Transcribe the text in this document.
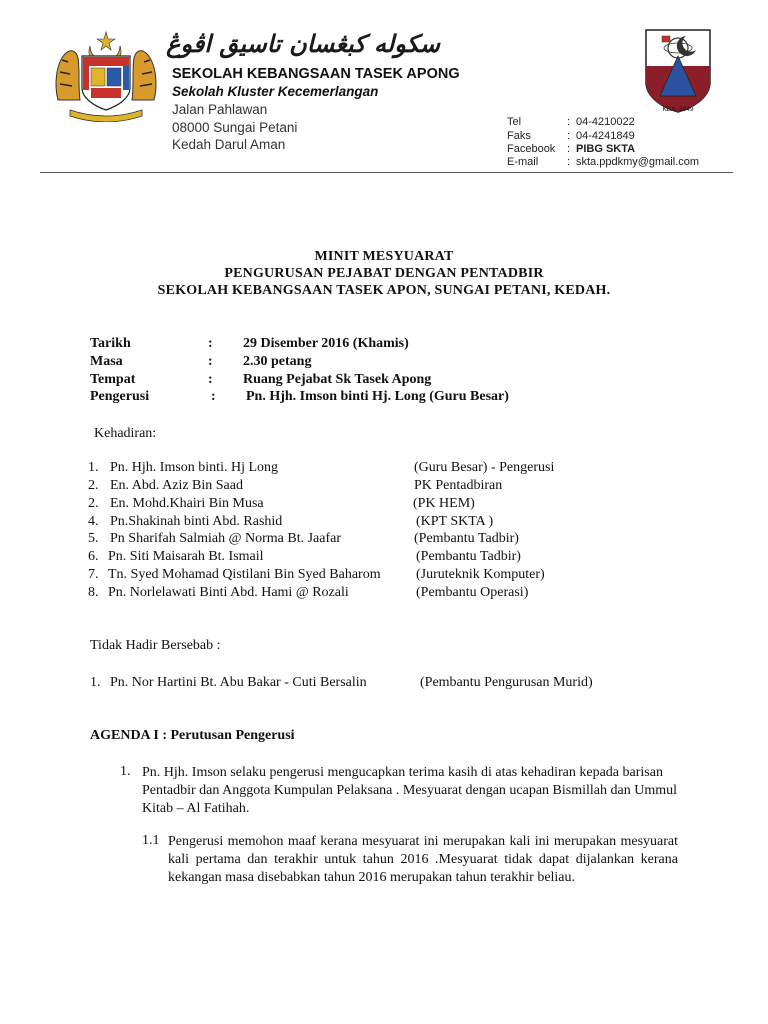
سكوله كبڠسان تاسيق اڤوڠ
SEKOLAH KEBANGSAAN TASEK APONG
Sekolah Kluster Kecemerlangan
Jalan Pahlawan
08000 Sungai Petani
Kedah Darul Aman
KBA: 3049
Tel	: 04-4210022
Faks	: 04-4241849
Facebook : PIBG SKTA
E-mail	: skta.ppdkmy@gmail.com
MINIT MESYUARAT
PENGURUSAN PEJABAT DENGAN PENTADBIR
SEKOLAH KEBANGSAAN TASEK APON, SUNGAI PETANI, KEDAH.
Tarikh	: 29 Disember 2016 (Khamis)
Masa	: 2.30 petang
Tempat	: Ruang Pejabat Sk Tasek Apong
Pengerusi	: Pn. Hjh. Imson binti Hj. Long (Guru Besar)
Kehadiran:
1. Pn. Hjh. Imson binti. Hj Long	(Guru Besar) - Pengerusi
2. En. Abd. Aziz Bin Saad	PK Pentadbiran
2. En. Mohd.Khairi Bin Musa	(PK HEM)
4. Pn.Shakinah binti Abd. Rashid	(KPT SKTA )
5. Pn Sharifah Salmiah @ Norma Bt. Jaafar	(Pembantu Tadbir)
6. Pn. Siti Maisarah Bt. Ismail	(Pembantu Tadbir)
7. Tn. Syed Mohamad Qistilani Bin Syed Baharom	(Juruteknik Komputer)
8. Pn. Norlelawati Binti Abd. Hami @ Rozali	(Pembantu Operasi)
Tidak Hadir Bersebab :
1. Pn. Nor Hartini Bt. Abu Bakar - Cuti Bersalin	(Pembantu Pengurusan Murid)
AGENDA I : Perutusan Pengerusi
1. Pn. Hjh. Imson selaku pengerusi mengucapkan terima kasih di atas kehadiran kepada barisan Pentadbir dan Anggota Kumpulan Pelaksana . Mesyuarat dengan ucapan Bismillah dan Ummul Kitab – Al Fatihah.
1.1 Pengerusi memohon maaf kerana mesyuarat ini merupakan kali ini merupakan mesyuarat kali pertama dan terakhir untuk tahun 2016 .Mesyuarat tidak dapat dijalankan kerana kekangan masa disebabkan tahun 2016 merupakan tahun terakhir beliau.
